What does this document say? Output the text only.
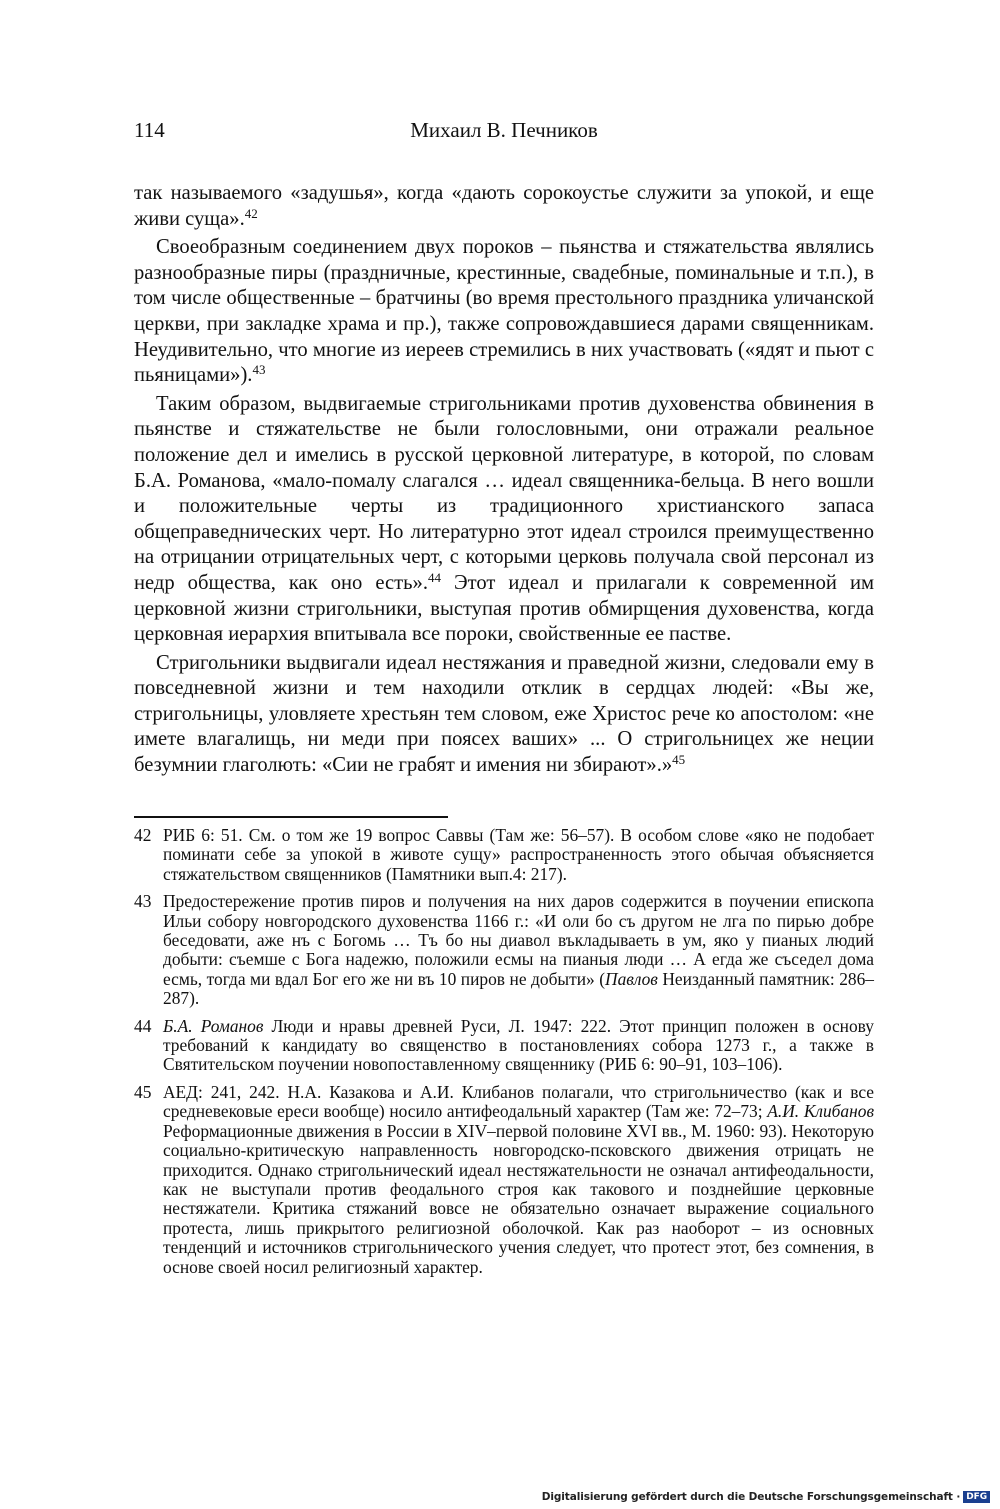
114	Михаил В. Печников

так называемого «задушья», когда «дають сорокоустье служити за упокой, и еще живи суща».$^{42}$

Своеобразным соединением двух пороков – пьянства и стяжательства являлись разнообразные пиры (праздничные, крестинные, свадебные, поминальные и т.п.), в том числе общественные – братчины (во время престольного праздника уличанской церкви, при закладке храма и пр.), также сопровождавшиеся дарами священникам. Неудивительно, что многие из иереев стремились в них участвовать («ядят и пьют с пьяницами»).$^{43}$

Таким образом, выдвигаемые стригольниками против духовенства обвинения в пьянстве и стяжательстве не были голословными, они отражали реальное положение дел и имелись в русской церковной литературе, в которой, по словам Б.А. Романова, «мало-помалу слагался … идеал священника-бельца. В него вошли и положительные черты из традиционного христианского запаса общеправеднических черт. Но литературно этот идеал строился преимущественно на отрицании отрицательных черт, с которыми церковь получала свой персонал из недр общества, как оно есть».$^{44}$ Этот идеал и прилагали к современной им церковной жизни стригольники, выступая против обмирщения духовенства, когда церковная иерархия впитывала все пороки, свойственные ее пастве.

Стригольники выдвигали идеал нестяжания и праведной жизни, следовали ему в повседневной жизни и тем находили отклик в сердцах людей: «Вы же, стригольницы, уловляете хрестьян тем словом, еже Христос рече ко апостолом: «не имете влагалищь, ни меди при поясех ваших» ... О стригольницех же неции безумнии глаголють: «Сии не грабят и имения ни збирают».»$^{45}$

42 РИБ 6: 51. См. о том же 19 вопрос Саввы (Там же: 56–57). В особом слове «яко не подобает поминати себе за упокой в животе сущу» распространенность этого обычая объясняется стяжательством священников (Памятники вып.4: 217).
43 Предостережение против пиров и получения на них даров содержится в поучении епископа Ильи собору новгородского духовенства 1166 г.: «И оли бо съ другом не лга по пирью добре беседовати, аже нъ с Богомь … Тъ бо ны диавол въкладываеть в ум, яко у пианых людий добыти: съемше с Бога надежю, положили есмы на пианыя люди … А егда же съседел дома есмь, тогда ми вдал Бог его же ни въ 10 пиров не добыти» (Павлов Неизданный памятник: 286–287).
44 Б.А. Романов Люди и нравы древней Руси, Л. 1947: 222. Этот принцип положен в основу требований к кандидату во священство в постановлениях собора 1273 г., а также в Святительском поучении новопоставленному священнику (РИБ 6: 90–91, 103–106).
45 АЕД: 241, 242. Н.А. Казакова и А.И. Клибанов полагали, что стригольничество (как и все средневековые ереси вообще) носило антифеодальный характер (Там же: 72–73; А.И. Клибанов Реформационные движения в России в XIV–первой половине XVI вв., М. 1960: 93). Некоторую социально-критическую направленность новгородско-псковского движения отрицать не приходится. Однако стригольнический идеал нестяжательности не означал антифеодальности, как не выступали против феодального строя как такового и позднейшие церковные нестяжатели. Критика стяжаний вовсе не обязательно означает выражение социального протеста, лишь прикрытого религиозной оболочкой. Как раз наоборот – из основных тенденций и источников стригольнического учения следует, что протест этот, без сомнения, в основе своей носил религиозный характер.
Digitalisierung gefördert durch die Deutsche Forschungsgemeinschaft · DFG
